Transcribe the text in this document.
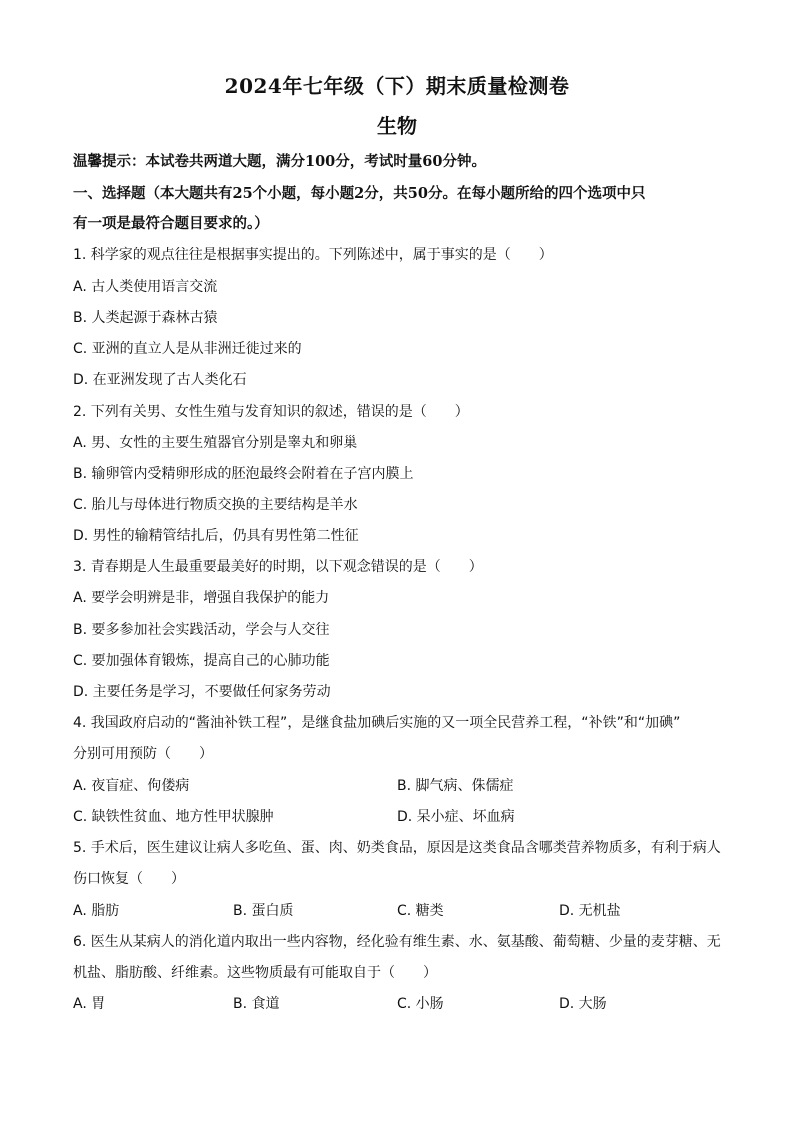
2024年七年级（下）期末质量检测卷
生物
温馨提示：本试卷共两道大题，满分100分，考试时量60分钟。
一、选择题（本大题共有25个小题，每小题2分，共50分。在每小题所给的四个选项中只
有一项是最符合题目要求的。）
1. 科学家的观点往往是根据事实提出的。下列陈述中，属于事实的是（　　）
A. 古人类使用语言交流
B. 人类起源于森林古猿
C. 亚洲的直立人是从非洲迁徙过来的
D. 在亚洲发现了古人类化石
2. 下列有关男、女性生殖与发育知识的叙述，错误的是（　　）
A. 男、女性的主要生殖器官分别是睾丸和卵巢
B. 输卵管内受精卵形成的胚泡最终会附着在子宫内膜上
C. 胎儿与母体进行物质交换的主要结构是羊水
D. 男性的输精管结扎后，仍具有男性第二性征
3. 青春期是人生最重要最美好的时期，以下观念错误的是（　　）
A. 要学会明辨是非，增强自我保护的能力
B. 要多参加社会实践活动，学会与人交往
C. 要加强体育锻炼，提高自己的心肺功能
D. 主要任务是学习，不要做任何家务劳动
4. 我国政府启动的“酱油补铁工程”，是继食盐加碘后实施的又一项全民营养工程，“补铁”和“加碘”
分别可用预防（　　）
A. 夜盲症、佝偻病	B. 脚气病、侏儒症
C. 缺铁性贫血、地方性甲状腺肿	D. 呆小症、坏血病
5. 手术后，医生建议让病人多吃鱼、蛋、肉、奶类食品，原因是这类食品含哪类营养物质多，有利于病人
伤口恢复（　　）
A. 脂肪	B. 蛋白质	C. 糖类	D. 无机盐
6. 医生从某病人的消化道内取出一些内容物，经化验有维生素、水、氨基酸、葡萄糖、少量的麦芽糖、无
机盐、脂肪酸、纤维素。这些物质最有可能取自于（　　）
A. 胃	B. 食道	C. 小肠	D. 大肠
